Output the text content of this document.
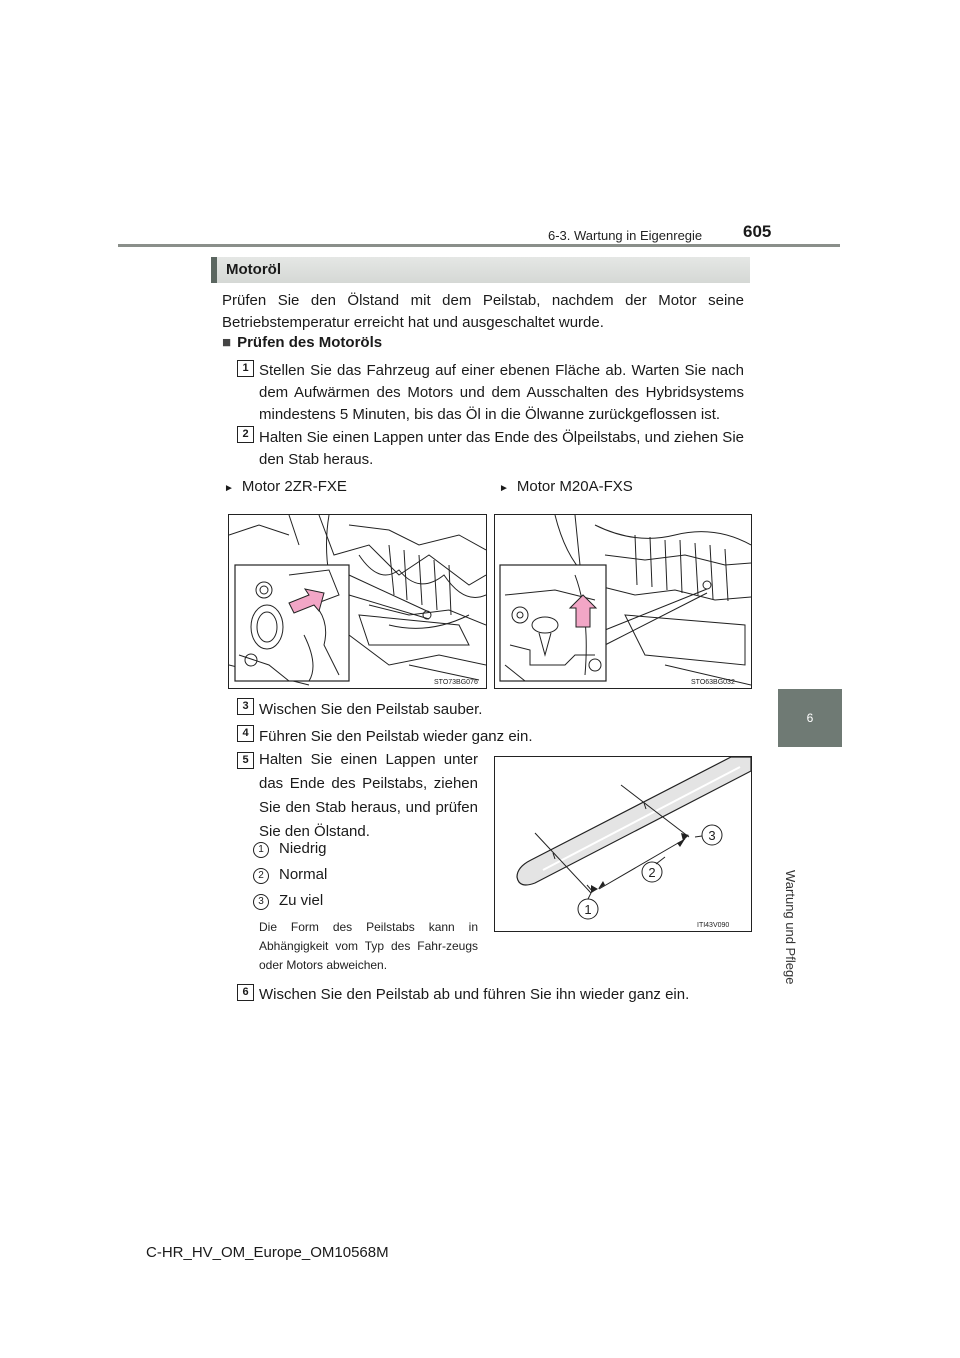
6-3. Wartung in Eigenregie 605
6
Wartung und Pflege
Motoröl

Prüfen Sie den Ölstand mit dem Peilstab, nachdem der Motor seine Betriebstemperatur erreicht hat und ausgeschaltet wurde.

■ Prüfen des Motoröls
1 Stellen Sie das Fahrzeug auf einer ebenen Fläche ab. Warten Sie nach dem Aufwärmen des Motors und dem Ausschalten des Hybridsystems mindestens 5 Minuten, bis das Öl in die Ölwanne zurückgeflossen ist.

2 Halten Sie einen Lappen unter das Ende des Ölpeilstabs, und ziehen Sie den Stab heraus.

► Motor 2ZR-FXE	► Motor M20A-FXS
STO73BG076	STO63BG032
3 Wischen Sie den Peilstab sauber.

4 Führen Sie den Peilstab wieder ganz ein.

5 Halten Sie einen Lappen unter das Ende des Peilstabs, ziehen Sie den Stab heraus, und prüfen Sie den Ölstand.

1 Niedrig
2 Normal
3 Zu viel

Die Form des Peilstabs kann in Abhängigkeit vom Typ des Fahr-zeugs oder Motors abweichen.

1
2
3
ITI43V090
6 Wischen Sie den Peilstab ab und führen Sie ihn wieder ganz ein.

C-HR_HV_OM_Europe_OM10568M
